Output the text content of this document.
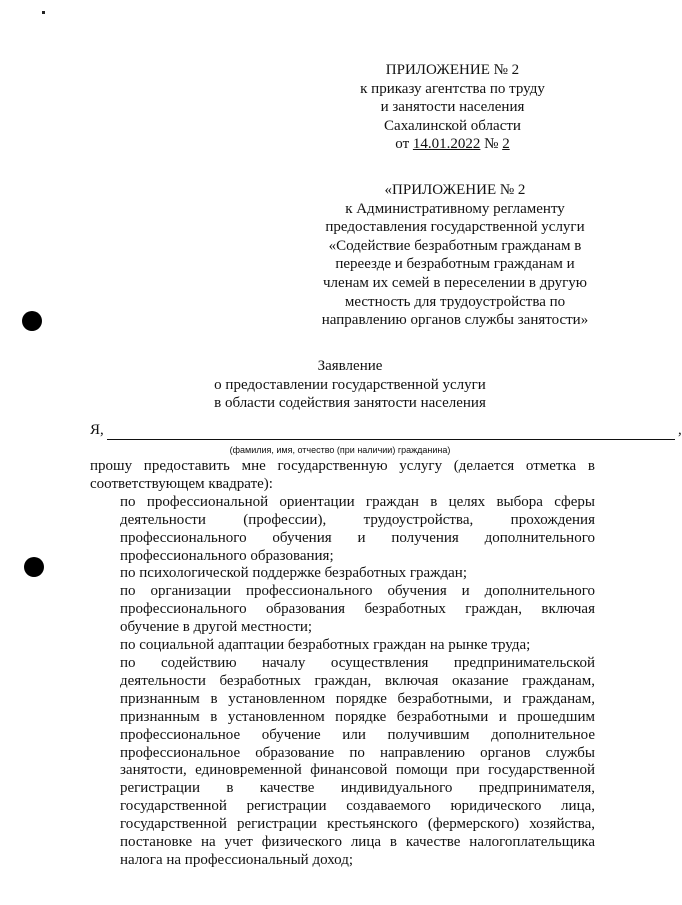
ПРИЛОЖЕНИЕ № 2
к приказу агентства по труду
и занятости населения
Сахалинской области
от 14.01.2022 № 2
«ПРИЛОЖЕНИЕ № 2
к Административному регламенту
предоставления государственной услуги
«Содействие безработным гражданам в
переезде и безработным гражданам и
членам их семей в переселении в другую
местность для трудоустройства по
направлению органов службы занятости»
Заявление
о предоставлении государственной услуги
в области содействия занятости населения
Я,	,
(фамилия, имя, отчество (при наличии) гражданина)

прошу предоставить мне государственную услугу (делается отметка в соответствующем квадрате):

по профессиональной ориентации граждан в целях выбора сферы деятельности (профессии), трудоустройства, прохождения профессионального обучения и получения дополнительного профессионального образования;

по психологической поддержке безработных граждан;

по организации профессионального обучения и дополнительного профессионального образования безработных граждан, включая обучение в другой местности;

по социальной адаптации безработных граждан на рынке труда;

по содействию началу осуществления предпринимательской деятельности безработных граждан, включая оказание гражданам, признанным в установленном порядке безработными, и гражданам, признанным в установленном порядке безработными и прошедшим профессиональное обучение или получившим дополнительное профессиональное образование по направлению органов службы занятости, единовременной финансовой помощи при государственной регистрации в качестве индивидуального предпринимателя, государственной регистрации создаваемого юридического лица, государственной регистрации крестьянского (фермерского) хозяйства, постановке на учет физического лица в качестве налогоплательщика налога на профессиональный доход;
